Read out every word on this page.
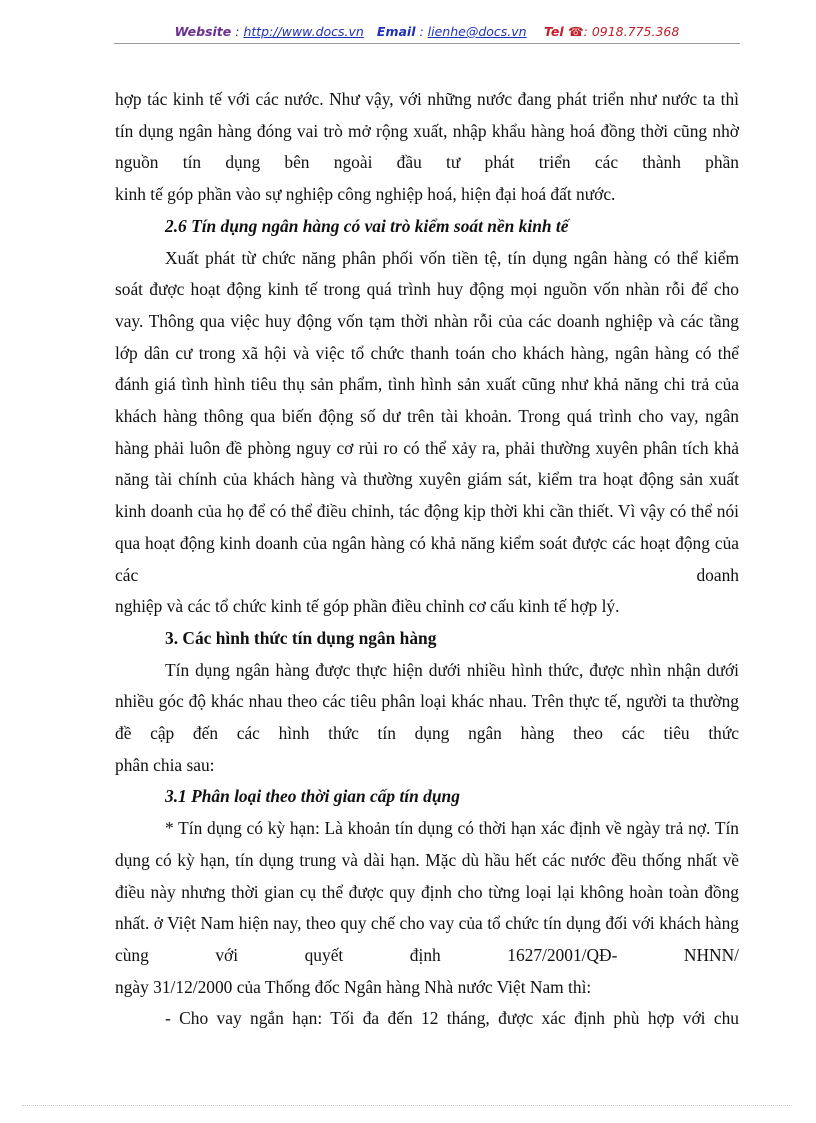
Website : http://www.docs.vn Email : lienhe@docs.vn Tel ☎: 0918.775.368

hợp tác kinh tế với các nước. Như vậy, với những nước đang phát triển như nước ta thì tín dụng ngân hàng đóng vai trò mở rộng xuất, nhập khẩu hàng hoá đồng thời cũng nhờ nguồn tín dụng bên ngoài đầu tư phát triển các thành phần

kinh tế góp phần vào sự nghiệp công nghiệp hoá, hiện đại hoá đất nước.

2.6 Tín dụng ngân hàng có vai trò kiểm soát nền kinh tế

Xuất phát từ chức năng phân phối vốn tiền tệ, tín dụng ngân hàng có thể kiểm soát được hoạt động kinh tế trong quá trình huy động mọi nguồn vốn nhàn rỗi để cho vay. Thông qua việc huy động vốn tạm thời nhàn rỗi của các doanh nghiệp và các tầng lớp dân cư trong xã hội và việc tổ chức thanh toán cho khách hàng, ngân hàng có thể đánh giá tình hình tiêu thụ sản phẩm, tình hình sản xuất cũng như khả năng chi trả của khách hàng thông qua biến động số dư trên tài khoản. Trong quá trình cho vay, ngân hàng phải luôn đề phòng nguy cơ rủi ro có thể xảy ra, phải thường xuyên phân tích khả năng tài chính của khách hàng và thường xuyên giám sát, kiểm tra hoạt động sản xuất kinh doanh của họ để có thể điều chỉnh, tác động kịp thời khi cần thiết. Vì vậy có thể nói qua hoạt động kinh doanh của ngân hàng có khả năng kiểm soát được các hoạt động của các doanh

nghiệp và các tổ chức kinh tế góp phần điều chỉnh cơ cấu kinh tế hợp lý.

3. Các hình thức tín dụng ngân hàng

Tín dụng ngân hàng được thực hiện dưới nhiều hình thức, được nhìn nhận dưới nhiều góc độ khác nhau theo các tiêu phân loại khác nhau. Trên thực tế, người ta thường đề cập đến các hình thức tín dụng ngân hàng theo các tiêu thức

phân chia sau:

3.1 Phân loại theo thời gian cấp tín dụng

* Tín dụng có kỳ hạn: Là khoản tín dụng có thời hạn xác định về ngày trả nợ. Tín dụng có kỳ hạn, tín dụng trung và dài hạn. Mặc dù hầu hết các nước đều thống nhất về điều này nhưng thời gian cụ thể được quy định cho từng loại lại không hoàn toàn đồng nhất. ở Việt Nam hiện nay, theo quy chế cho vay của tổ chức tín dụng đối với khách hàng cùng với quyết định 1627/2001/QĐ- NHNN/

ngày 31/12/2000 của Thống đốc Ngân hàng Nhà nước Việt Nam thì:

- Cho vay ngắn hạn: Tối đa đến 12 tháng, được xác định phù hợp với chu
